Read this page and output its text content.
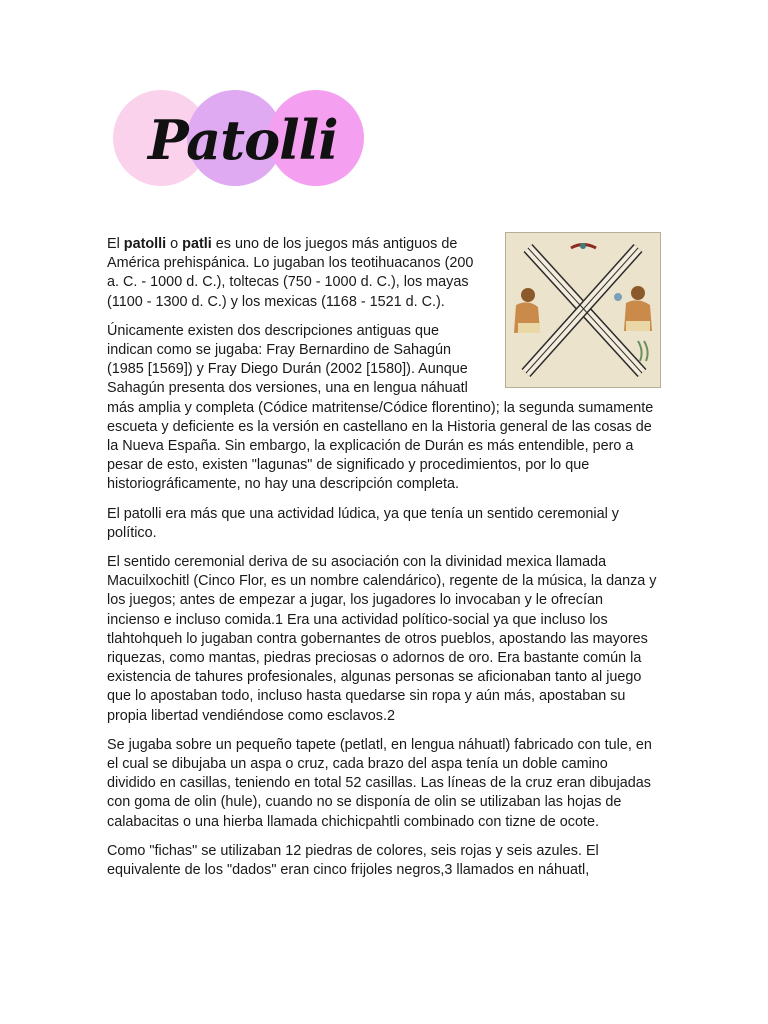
Patolli

El patolli o patli es uno de los juegos más antiguos de América prehispánica. Lo jugaban los teotihuacanos (200 a. C. - 1000 d. C.), toltecas (750 - 1000 d. C.), los mayas (1100 - 1300 d. C.) y los mexicas (1168 - 1521 d. C.).

Únicamente existen dos descripciones antiguas que indican como se jugaba: Fray Bernardino de Sahagún (1985 [1569]) y Fray Diego Durán (2002 [1580]). Aunque Sahagún presenta dos versiones, una en lengua náhuatl más amplia y completa (Códice matritense/Códice florentino); la segunda sumamente escueta y deficiente es la versión en castellano en la Historia general de las cosas de la Nueva España. Sin embargo, la explicación de Durán es más entendible, pero a pesar de esto, existen "lagunas" de significado y procedimientos, por lo que historiográficamente, no hay una descripción completa.

El patolli era más que una actividad lúdica, ya que tenía un sentido ceremonial y político.

El sentido ceremonial deriva de su asociación con la divinidad mexica llamada Macuilxochitl (Cinco Flor, es un nombre calendárico), regente de la música, la danza y los juegos; antes de empezar a jugar, los jugadores lo invocaban y le ofrecían incienso e incluso comida.1 Era una actividad político-social ya que incluso los tlahtohqueh lo jugaban contra gobernantes de otros pueblos, apostando las mayores riquezas, como mantas, piedras preciosas o adornos de oro. Era bastante común la existencia de tahures profesionales, algunas personas se aficionaban tanto al juego que lo apostaban todo, incluso hasta quedarse sin ropa y aún más, apostaban su propia libertad vendiéndose como esclavos.2

Se jugaba sobre un pequeño tapete (petlatl, en lengua náhuatl) fabricado con tule, en el cual se dibujaba un aspa o cruz, cada brazo del aspa tenía un doble camino dividido en casillas, teniendo en total 52 casillas. Las líneas de la cruz eran dibujadas con goma de olin (hule), cuando no se disponía de olin se utilizaban las hojas de calabacitas o una hierba llamada chichicpahtli combinado con tizne de ocote.

Como "fichas" se utilizaban 12 piedras de colores, seis rojas y seis azules. El equivalente de los "dados" eran cinco frijoles negros,3 llamados en náhuatl,
